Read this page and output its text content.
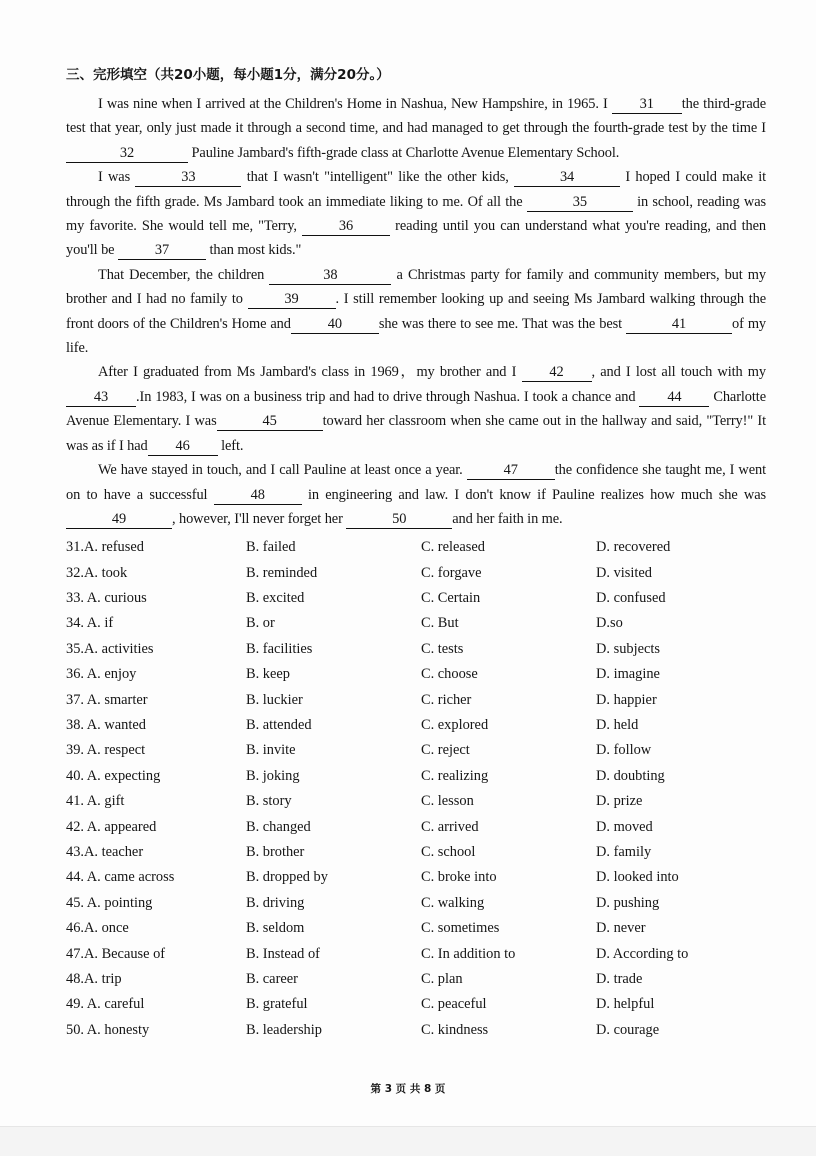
三、完形填空（共20小题，每小题1分，满分20分。）

I was nine when I arrived at the Children's Home in Nashua, New Hampshire, in 1965. I 31 the third-grade test that year, only just made it through a second time, and had managed to get through the fourth-grade test by the time I 32	Pauline Jambard's fifth-grade class at Charlotte Avenue Elementary School.

I was	33	that I wasn't "intelligent" like the other kids,	34	I hoped I could make it through the fifth grade. Ms Jambard took an immediate liking to me. Of all the	35	in school, reading was my favorite. She would tell me, "Terry,	36	reading until you can understand what you're reading, and then you'll be	37	than most kids."

That December, the children	38	a Christmas party for family and community members, but my brother and I had no family to	39	. I still remember looking up and seeing Ms Jambard walking through the front doors of the Children's Home and	40	she was there to see me. That was the best	41	of my life.

After I graduated from Ms Jambard's class in 1969，my brother and I 42 , and I lost all touch with my43 .In 1983, I was on a business trip and had to drive through Nashua. I took a chance and 44 Charlotte Avenue Elementary. I was	45	toward her classroom when she came out in the hallway and said, "Terry!" It was as if I had 46 left.

We have stayed in touch, and I call Pauline at least once a year.	47	the confidence she taught me, I went on to have a successful	48	in engineering and law. I don't know if Pauline realizes how much she was 49	, however, I'll never forget her	50	and her faith in me.

31.A. refused	B. failed	C. released	D. recovered
32.A. took	B. reminded	C. forgave	D. visited
33. A. curious	B. excited	C. Certain	D. confused
34. A. if	B. or	C. But	D.so
35.A. activities	B. facilities	C. tests	D. subjects
36. A. enjoy	B. keep	C. choose	D. imagine
37. A. smarter	B. luckier	C. richer	D. happier
38. A. wanted	B. attended	C. explored	D. held
39. A. respect	B. invite	C. reject	D. follow
40. A. expecting	B. joking	C. realizing	D. doubting
41. A. gift	B. story	C. lesson	D. prize
42. A. appeared	B. changed	C. arrived	D. moved
43.A. teacher	B. brother	C. school	D. family
44. A. came across	B. dropped by	C. broke into	D. looked into
45. A. pointing	B. driving	C. walking	D. pushing
46.A. once	B. seldom	C. sometimes	D. never
47.A. Because of	B. Instead of	C. In addition to	D. According to
48.A. trip	B. career	C. plan	D. trade
49. A. careful	B. grateful	C. peaceful	D. helpful
50. A. honesty	B. leadership	C. kindness	D. courage
第 3 页 共 8 页
